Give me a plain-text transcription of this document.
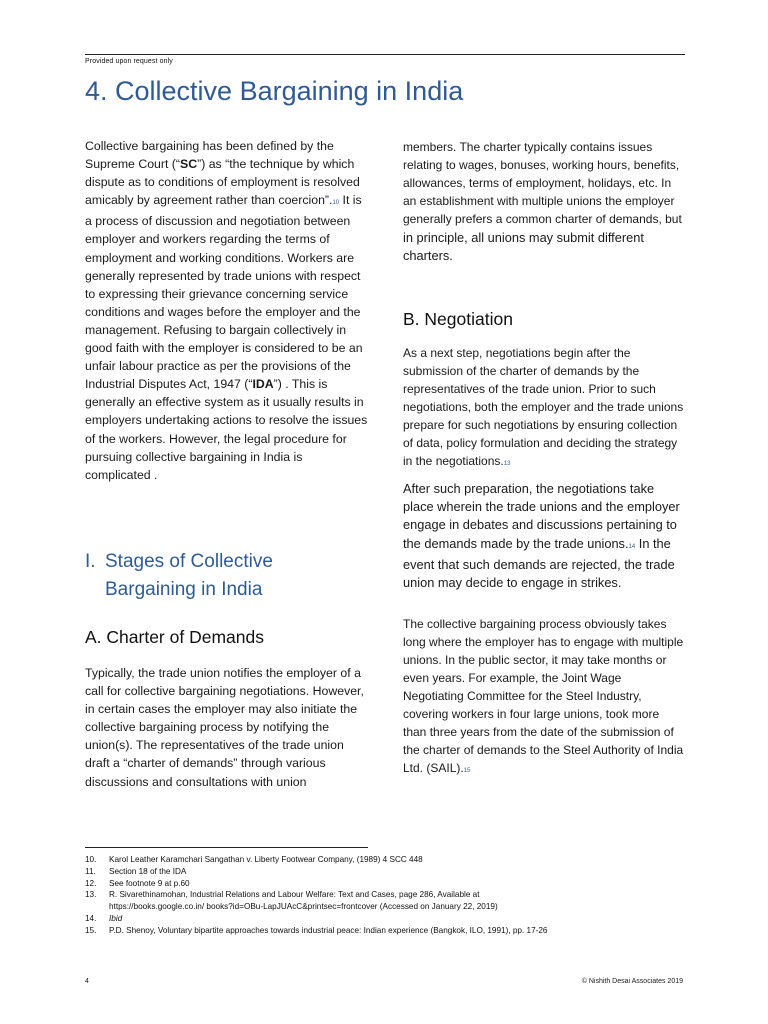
Provided upon request only
4. Collective Bargaining in India

Collective bargaining has been defined by the Supreme Court (“SC”) as “the technique by which dispute as to conditions of employment is resolved amicably by agreement rather than coercion”.10 It is a process of discussion and negotiation between employer and workers regarding the terms of employment and working conditions. Workers are generally represented by trade unions with respect to expressing their grievance concerning service conditions and wages before the employer and the management. Refusing to bargain collectively in good faith with the employer is considered to be an unfair labour practice as per the provisions of the Industrial Disputes Act, 1947 (“IDA”) . This is generally an effective system as it usually results in employers undertaking actions to resolve the issues of the workers. However, the legal procedure for pursuing collective bargaining in India is complicated .

I. Stages of Collective
Bargaining in India
A. Charter of Demands

Typically, the trade union notifies the employer of a call for collective bargaining negotiations. However, in certain cases the employer may also initiate the collective bargaining process by notifying the union(s). The representatives of the trade union draft a “charter of demands” through various discussions and consultations with union

members. The charter typically contains issues relating to wages, bonuses, working hours, benefits, allowances, terms of employment, holidays, etc. In an establishment with multiple unions the employer generally prefers a common charter of demands, but

in principle, all unions may submit different charters.

B. Negotiation

As a next step, negotiations begin after the submission of the charter of demands by the representatives of the trade union. Prior to such negotiations, both the employer and the trade unions prepare for such negotiations by ensuring collection of data, policy formulation and deciding the strategy in the negotiations.13

After such preparation, the negotiations take place wherein the trade unions and the employer engage in debates and discussions pertaining to the demands made by the trade unions.14 In the event that such demands are rejected, the trade union may decide to engage in strikes.

The collective bargaining process obviously takes long where the employer has to engage with multiple unions. In the public sector, it may take months or even years. For example, the Joint Wage Negotiating Committee for the Steel Industry, covering workers in four large unions, took more than three years from the date of the submission of the charter of demands to the Steel Authority of India Ltd. (SAIL).15

10.	Karol Leather Karamchari Sangathan v. Liberty Footwear Company, (1989) 4 SCC 448
11.	Section 18 of the IDA
12.	See footnote 9 at p.60
13.	R. Sivarethinamohan, Industrial Relations and Labour Welfare: Text and Cases, page 286, Available at
https://books.google.co.in/ books?id=OBu-LapJUAcC&printsec=frontcover (Accessed on January 22, 2019)
14.	Ibid
15.	P.D. Shenoy, Voluntary bipartite approaches towards industrial peace: Indian experience (Bangkok, ILO, 1991), pp. 17-26
4	© Nishith Desai Associates 2019
